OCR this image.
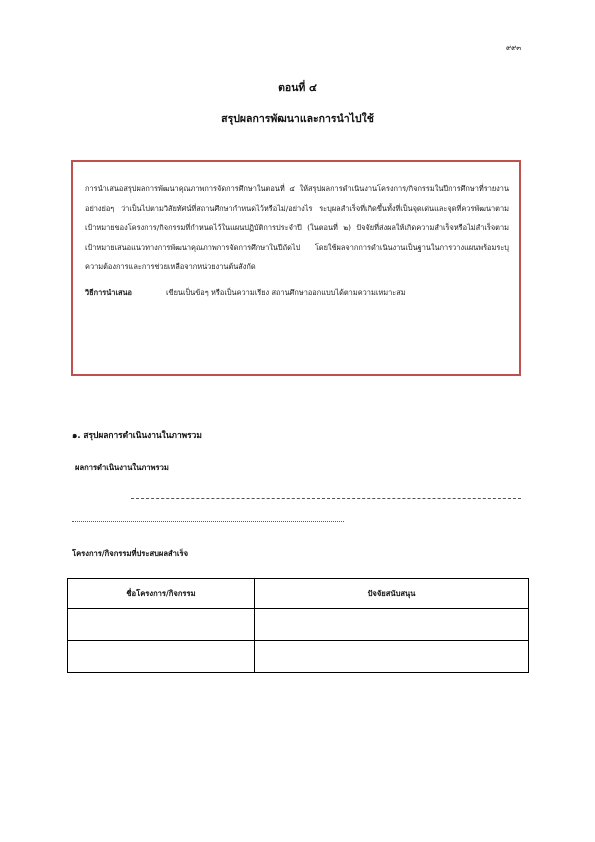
๙๙๓
ตอนที่ ๔
สรุปผลการพัฒนาและการนำไปใช้

การนำเสนอสรุปผลการพัฒนาคุณภาพการจัดการศึกษาในตอนที่ ๔ ให้สรุปผลการดำเนินงานโครงการ/กิจกรรมในปีการศึกษาที่รายงานอย่างย่อๆ ว่าเป็นไปตามวิสัยทัศน์ที่สถานศึกษากำหนดไว้หรือไม่/อย่างไร ระบุผลสำเร็จที่เกิดขึ้นทั้งที่เป็นจุดเด่นและจุดที่ควรพัฒนาตามเป้าหมายของโครงการ/กิจกรรมที่กำหนดไว้ในแผนปฏิบัติการประจำปี (ในตอนที่ ๒) ปัจจัยที่ส่งผลให้เกิดความสำเร็จหรือไม่สำเร็จตามเป้าหมายเสนอแนวทางการพัฒนาคุณภาพการจัดการศึกษาในปีถัดไป โดยใช้ผลจากการดำเนินงานเป็นฐานในการวางแผนพร้อมระบุความต้องการและการช่วยเหลือจากหน่วยงานต้นสังกัด

วิธีการนำเสนอ	เขียนเป็นข้อๆ หรือเป็นความเรียง สถานศึกษาออกแบบได้ตามความเหมาะสม

๑. สรุปผลการดำเนินงานในภาพรวม
ผลการดำเนินงานในภาพรวม
โครงการ/กิจกรรมที่ประสบผลสำเร็จ
ชื่อโครงการ/กิจกรรม	ปัจจัยสนับสนุน
